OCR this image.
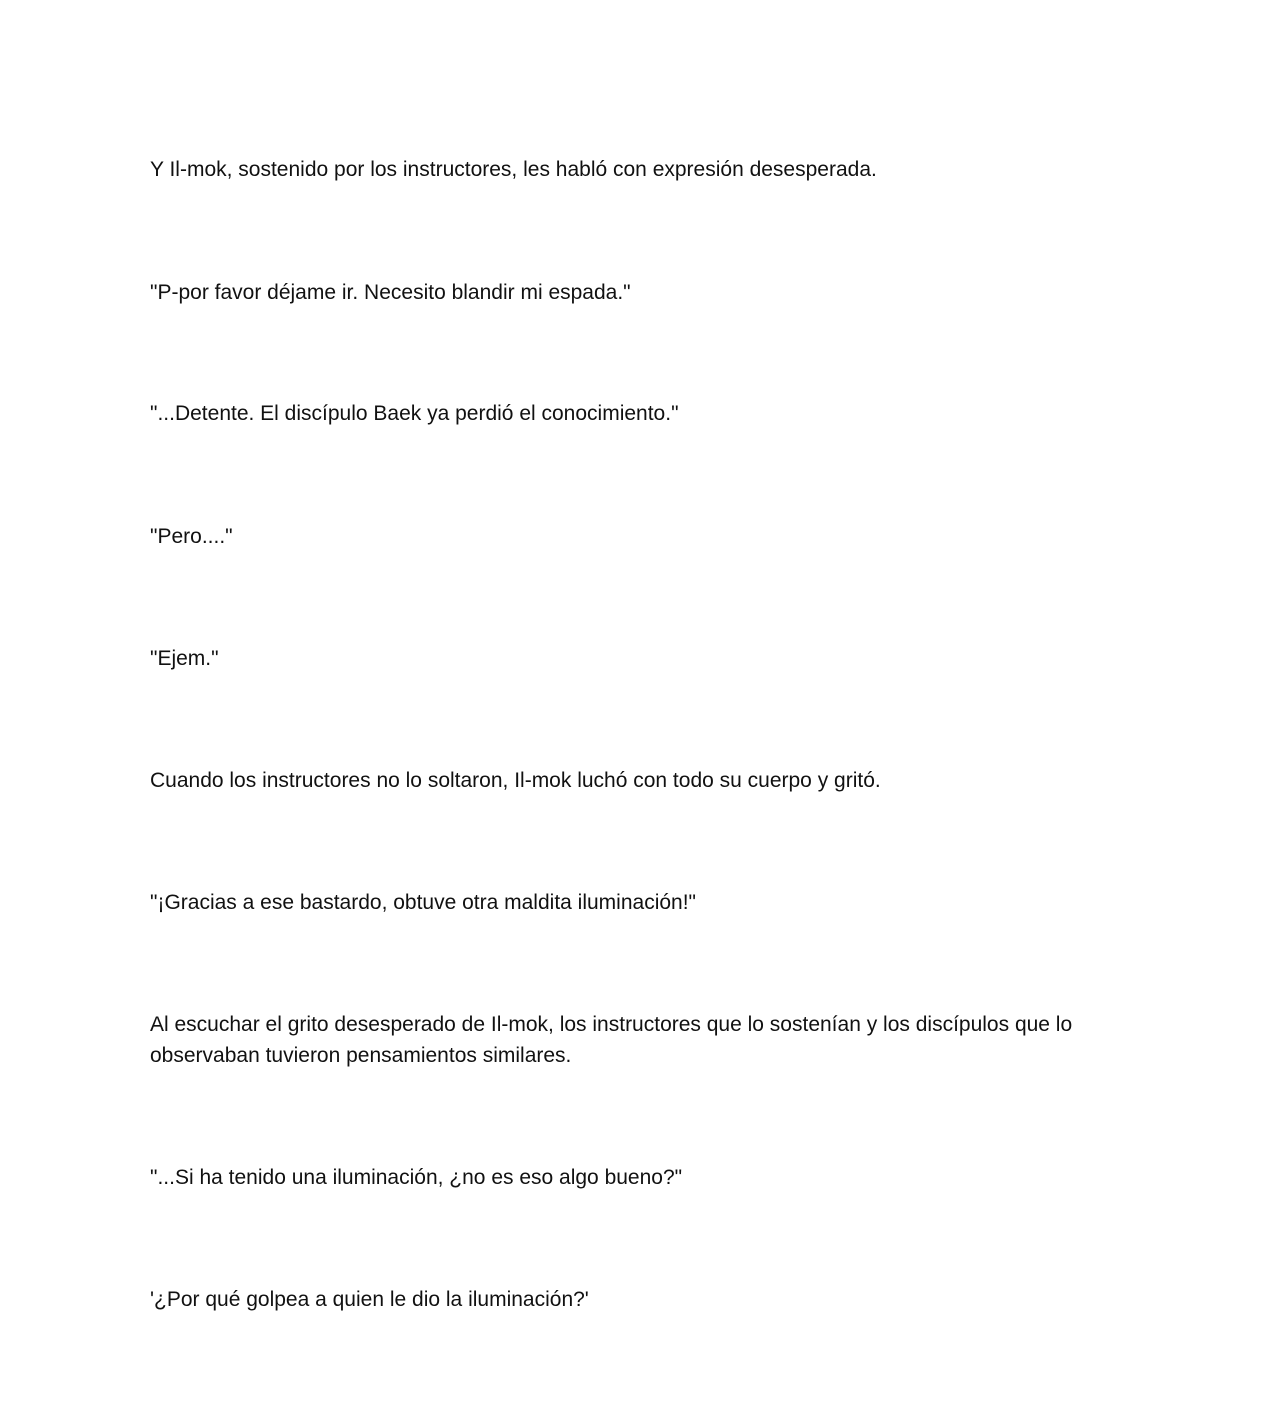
Y Il-mok, sostenido por los instructores, les habló con expresión desesperada.

"P-por favor déjame ir. Necesito blandir mi espada."

"...Detente. El discípulo Baek ya perdió el conocimiento."

"Pero...."

"Ejem."

Cuando los instructores no lo soltaron, Il-mok luchó con todo su cuerpo y gritó.

"¡Gracias a ese bastardo, obtuve otra maldita iluminación!"

Al escuchar el grito desesperado de Il-mok, los instructores que lo sostenían y los discípulos que lo observaban tuvieron pensamientos similares.

"...Si ha tenido una iluminación, ¿no es eso algo bueno?"

'¿Por qué golpea a quien le dio la iluminación?'
